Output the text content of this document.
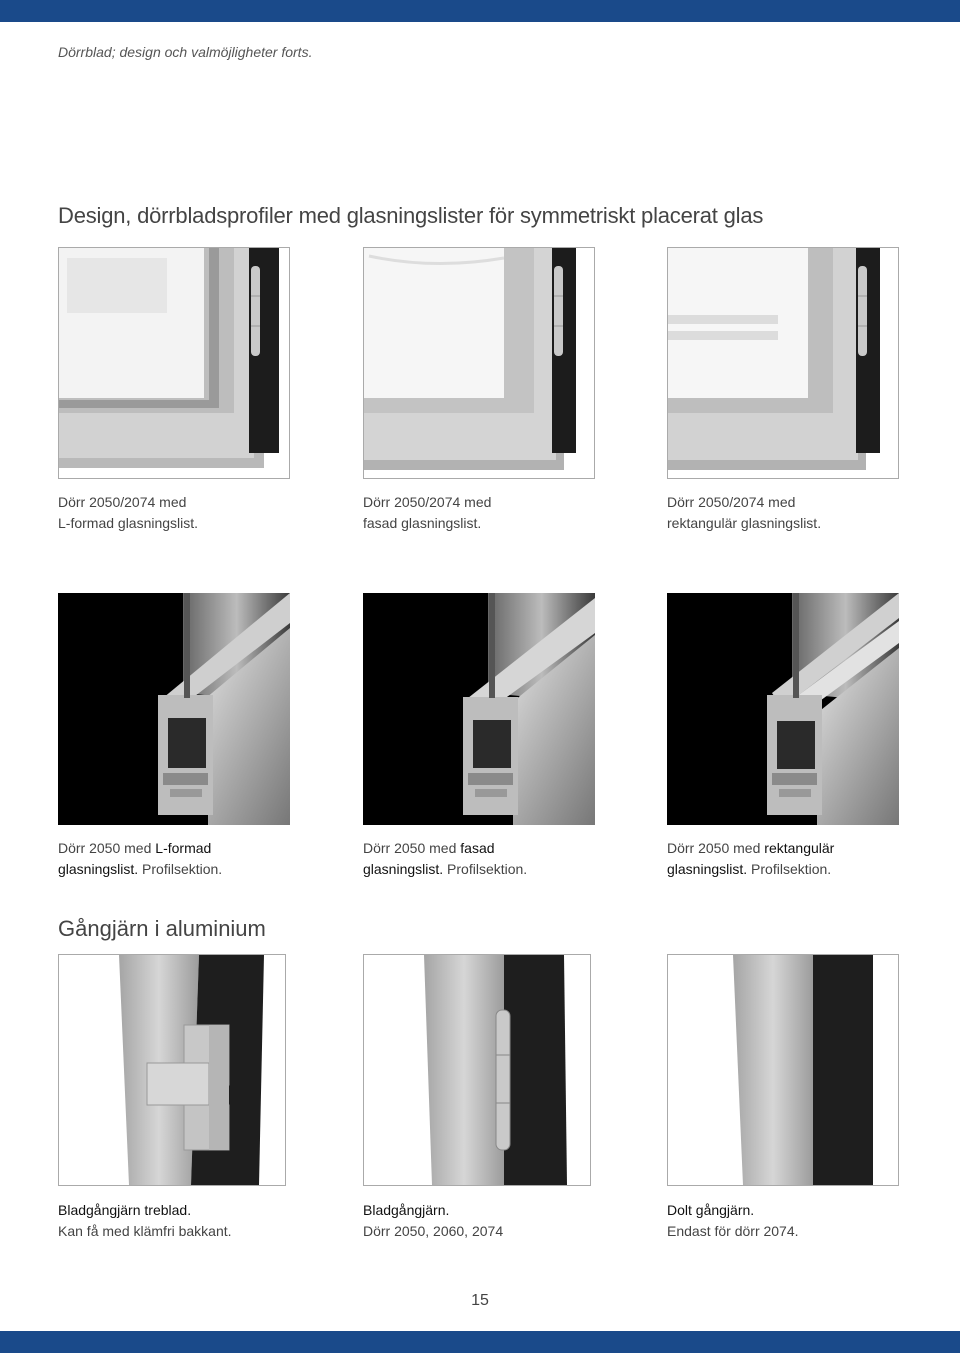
Dörrblad; design och valmöjligheter forts.
Design, dörrbladsprofiler med glasningslister för symmetriskt placerat glas
Dörr 2050/2074 med
L-formad glasningslist.
Dörr 2050/2074 med
fasad glasningslist.
Dörr 2050/2074 med
rektangulär glasningslist.
Dörr 2050 med L-formad
glasningslist. Profilsektion.
Dörr 2050 med fasad
glasningslist. Profilsektion.
Dörr 2050 med rektangulär
glasningslist. Profilsektion.
Gångjärn i aluminium
Bladgångjärn treblad.
Kan få med klämfri bakkant.
Bladgångjärn.
Dörr 2050, 2060, 2074
Dolt gångjärn.
Endast för dörr 2074.
15
